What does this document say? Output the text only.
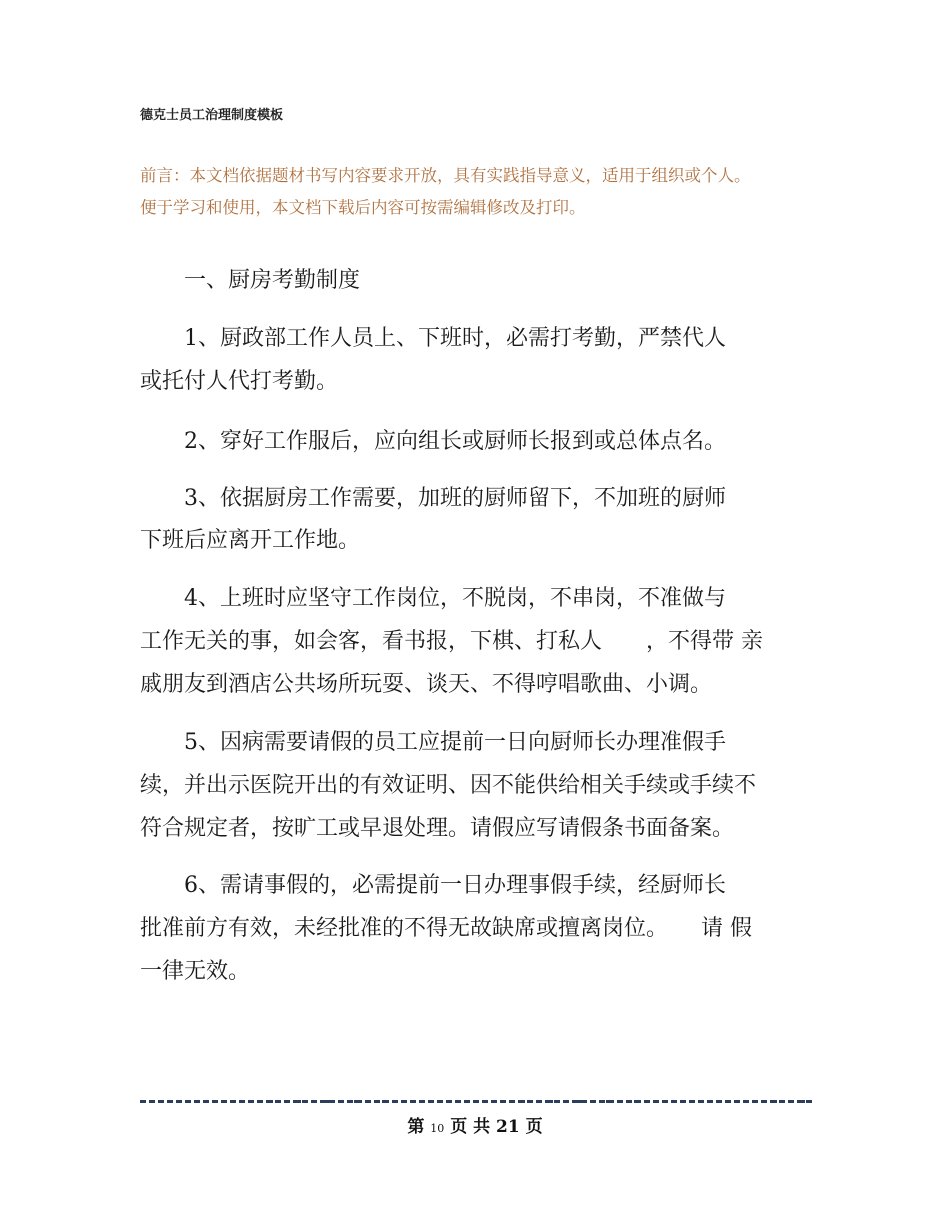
德克士员工治理制度模板
前言：本文档依据题材书写内容要求开放，具有实践指导意义，适用于组织或个人。
便于学习和使用，本文档下载后内容可按需编辑修改及打印。
　　一、厨房考勤制度
　　1、厨政部工作人员上、下班时，必需打考勤，严禁代人
或托付人代打考勤。
　　2、穿好工作服后，应向组长或厨师长报到或总体点名。
　　3、依据厨房工作需要，加班的厨师留下，不加班的厨师
下班后应离开工作地。
　　4、上班时应坚守工作岗位，不脱岗，不串岗，不准做与
工作无关的事，如会客，看书报，下棋、打私人　　，不得带 亲
戚朋友到酒店公共场所玩耍、谈天、不得哼唱歌曲、小调。
　　5、因病需要请假的员工应提前一日向厨师长办理准假手
续，并出示医院开出的有效证明、因不能供给相关手续或手续不
符合规定者，按旷工或早退处理。请假应写请假条书面备案。
　　6、需请事假的，必需提前一日办理事假手续，经厨师长
批准前方有效，未经批准的不得无故缺席或擅离岗位。　　请 假
一律无效。
第 10 页 共 21 页
